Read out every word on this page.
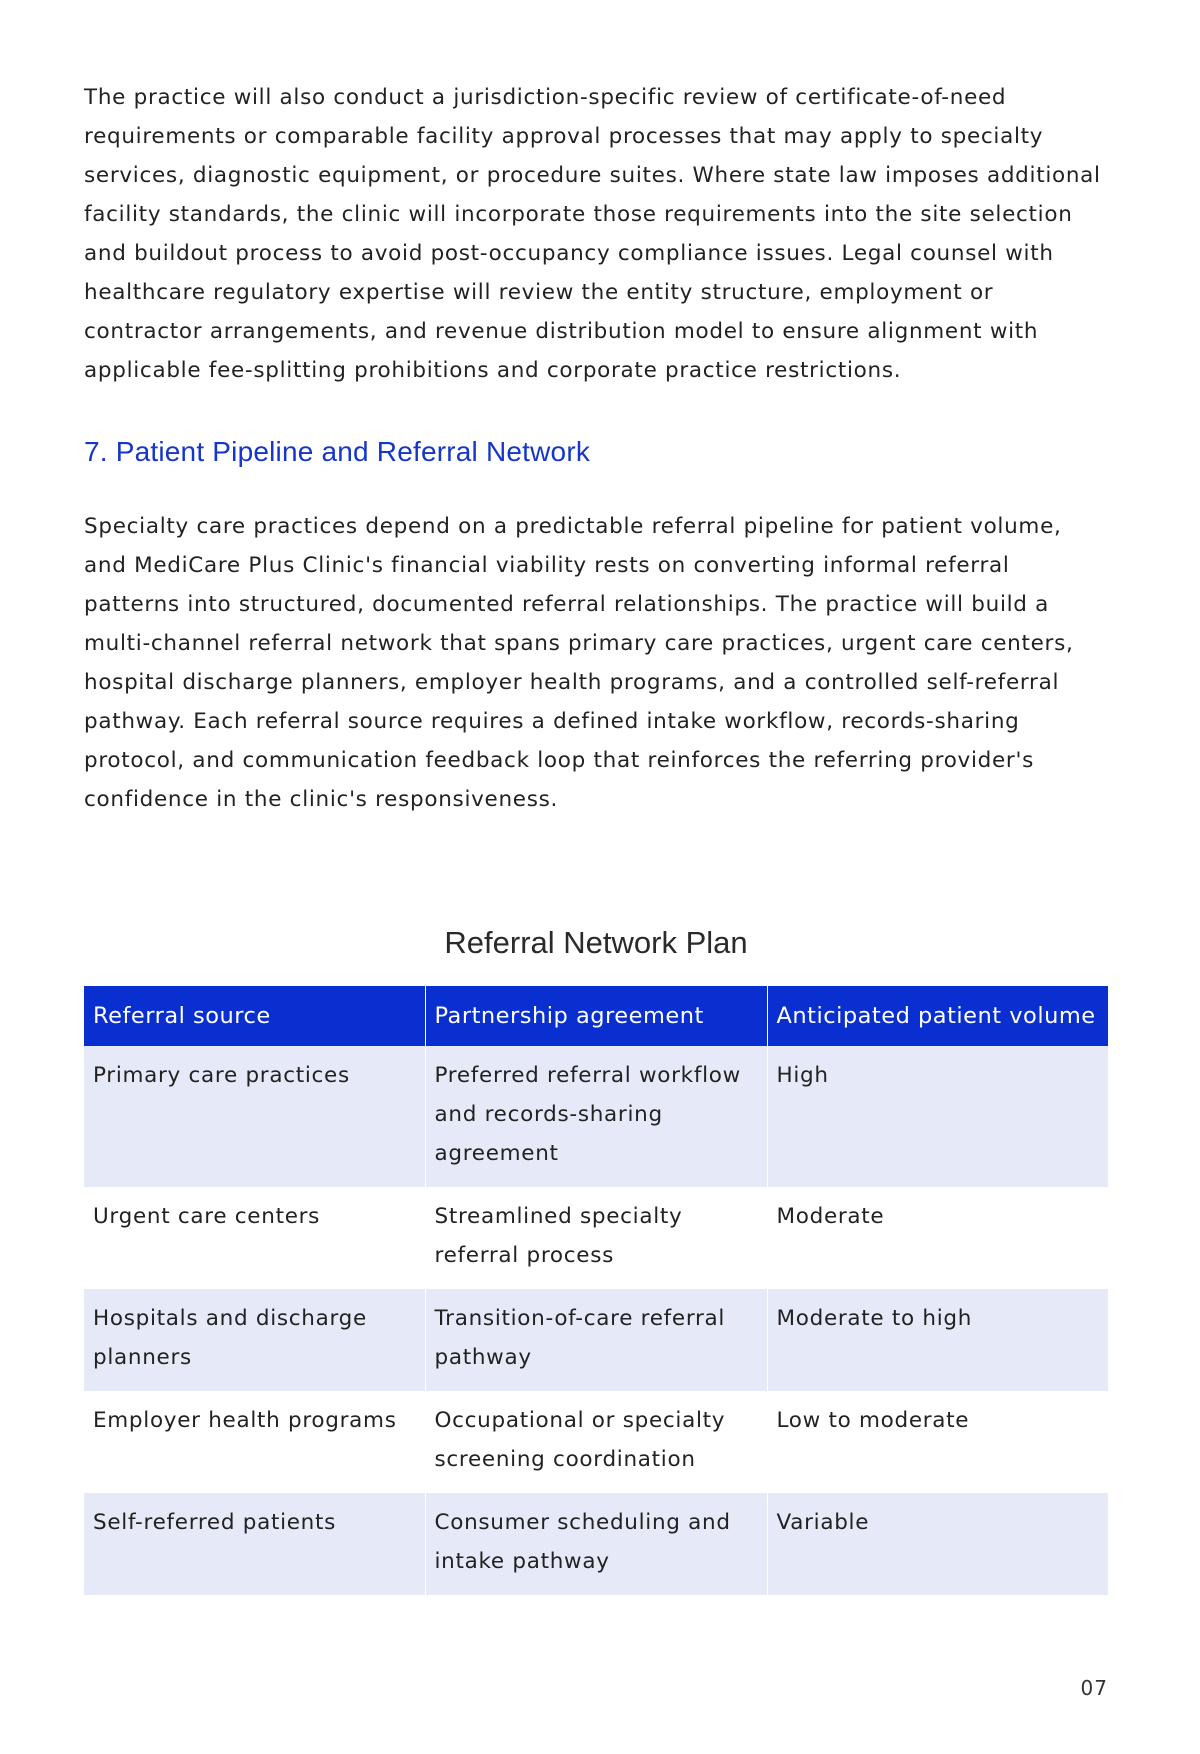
The practice will also conduct a jurisdiction-specific review of certificate-of-need requirements or comparable facility approval processes that may apply to specialty services, diagnostic equipment, or procedure suites. Where state law imposes additional facility standards, the clinic will incorporate those requirements into the site selection and buildout process to avoid post-occupancy compliance issues. Legal counsel with healthcare regulatory expertise will review the entity structure, employment or contractor arrangements, and revenue distribution model to ensure alignment with applicable fee-splitting prohibitions and corporate practice restrictions.

7. Patient Pipeline and Referral Network

Specialty care practices depend on a predictable referral pipeline for patient volume, and MediCare Plus Clinic's financial viability rests on converting informal referral patterns into structured, documented referral relationships. The practice will build a multi-channel referral network that spans primary care practices, urgent care centers, hospital discharge planners, employer health programs, and a controlled self-referral pathway. Each referral source requires a defined intake workflow, records-sharing protocol, and communication feedback loop that reinforces the referring provider's confidence in the clinic's responsiveness.

Referral Network Plan
Referral source	Partnership agreement	Anticipated patient volume
Primary care practices	Preferred referral workflow and records-sharing agreement	High
Urgent care centers	Streamlined specialty referral process	Moderate
Hospitals and discharge planners	Transition-of-care referral pathway	Moderate to high
Employer health programs	Occupational or specialty screening coordination	Low to moderate
Self-referred patients	Consumer scheduling and intake pathway	Variable
07
